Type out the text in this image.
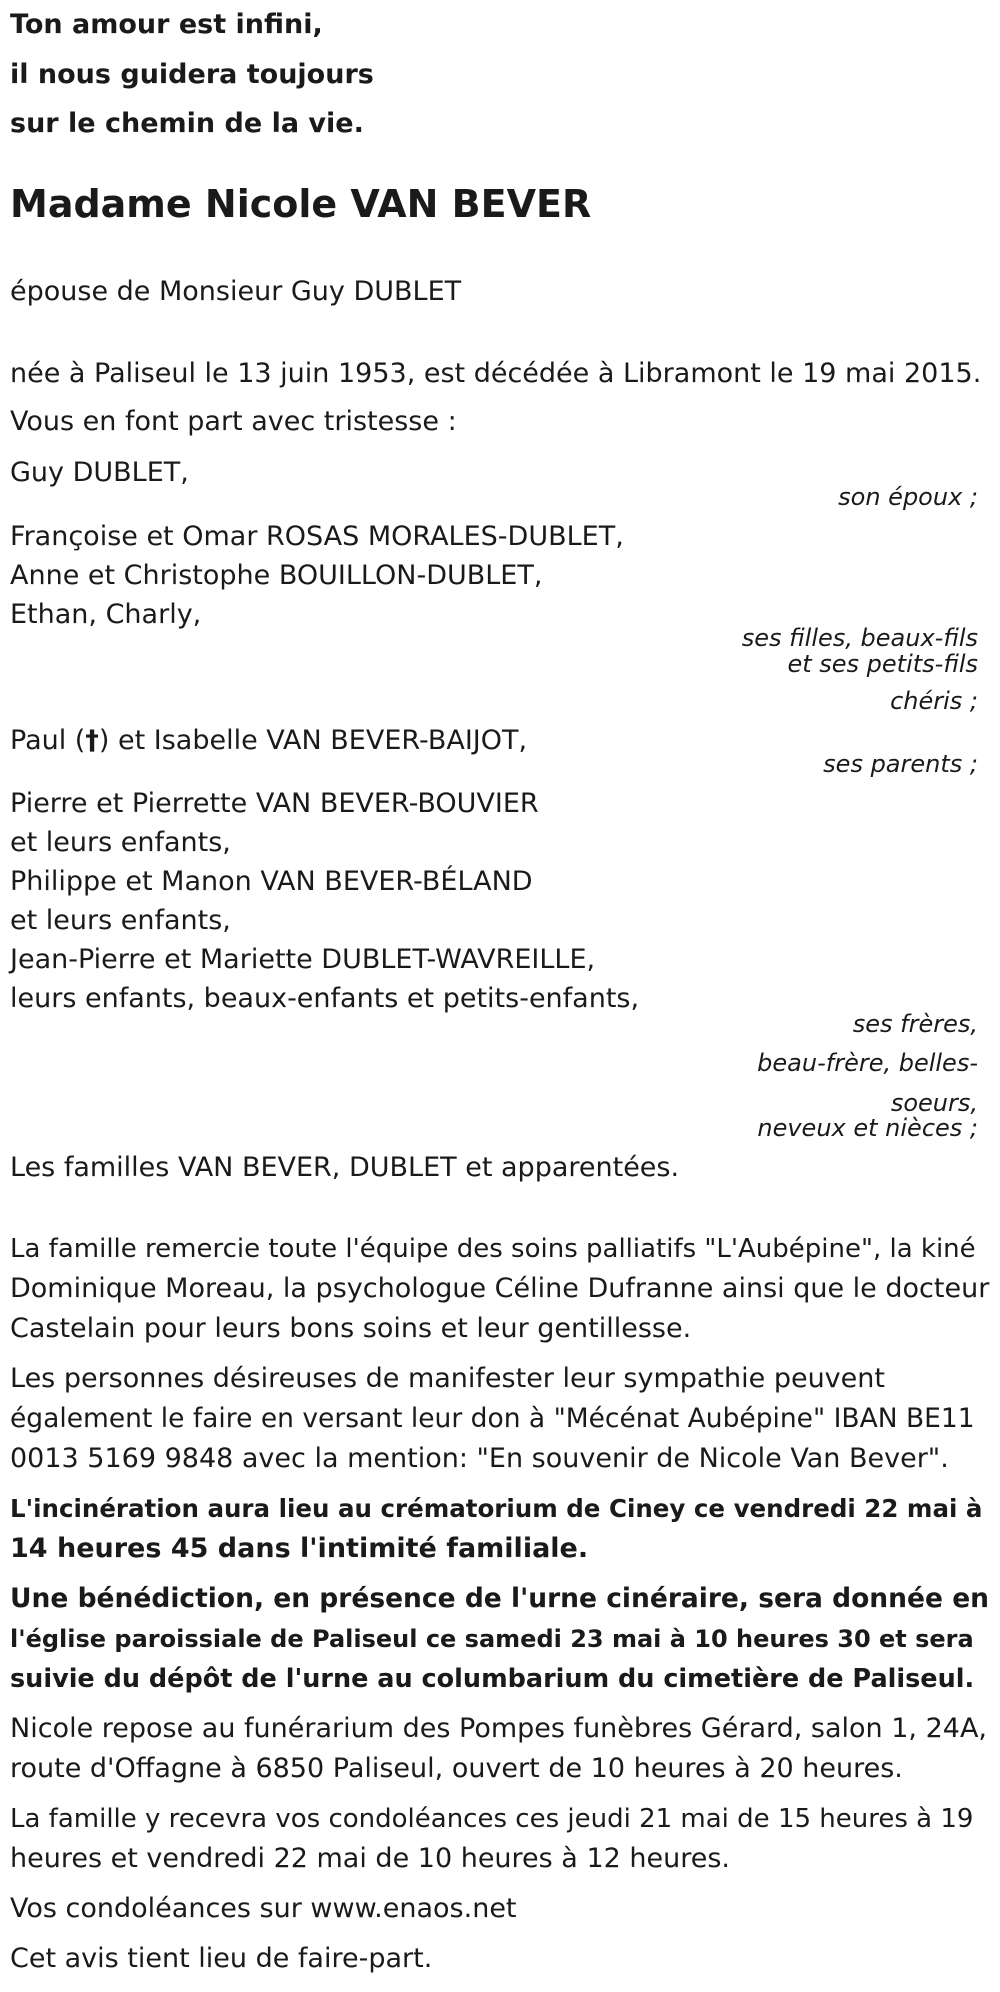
Ton amour est infini,
il nous guidera toujours
sur le chemin de la vie.
Madame Nicole VAN BEVER
épouse de Monsieur Guy DUBLET
née à Paliseul le 13 juin 1953, est décédée à Libramont le 19 mai 2015.
Vous en font part avec tristesse :
Guy DUBLET,
son époux ;
Françoise et Omar ROSAS MORALES-DUBLET,
Anne et Christophe BOUILLON-DUBLET,
Ethan, Charly,
ses filles, beaux-fils
et ses petits-fils
chéris ;
Paul (†) et Isabelle VAN BEVER-BAIJOT,
ses parents ;
Pierre et Pierrette VAN BEVER-BOUVIER
et leurs enfants,
Philippe et Manon VAN BEVER-BÉLAND
et leurs enfants,
Jean-Pierre et Mariette DUBLET-WAVREILLE,
leurs enfants, beaux-enfants et petits-enfants,
ses frères,
beau-frère, belles-
soeurs,
neveux et nièces ;
Les familles VAN BEVER, DUBLET et apparentées.
La famille remercie toute l'équipe des soins palliatifs "L'Aubépine", la kiné
Dominique Moreau, la psychologue Céline Dufranne ainsi que le docteur
Castelain pour leurs bons soins et leur gentillesse.
Les personnes désireuses de manifester leur sympathie peuvent
également le faire en versant leur don à "Mécénat Aubépine" IBAN BE11
0013 5169 9848 avec la mention: "En souvenir de Nicole Van Bever".
L'incinération aura lieu au crématorium de Ciney ce vendredi 22 mai à
14 heures 45 dans l'intimité familiale.
Une bénédiction, en présence de l'urne cinéraire, sera donnée en
l'église paroissiale de Paliseul ce samedi 23 mai à 10 heures 30 et sera
suivie du dépôt de l'urne au columbarium du cimetière de Paliseul.
Nicole repose au funérarium des Pompes funèbres Gérard, salon 1, 24A,
route d'Offagne à 6850 Paliseul, ouvert de 10 heures à 20 heures.
La famille y recevra vos condoléances ces jeudi 21 mai de 15 heures à 19
heures et vendredi 22 mai de 10 heures à 12 heures.
Vos condoléances sur www.enaos.net
Cet avis tient lieu de faire-part.
